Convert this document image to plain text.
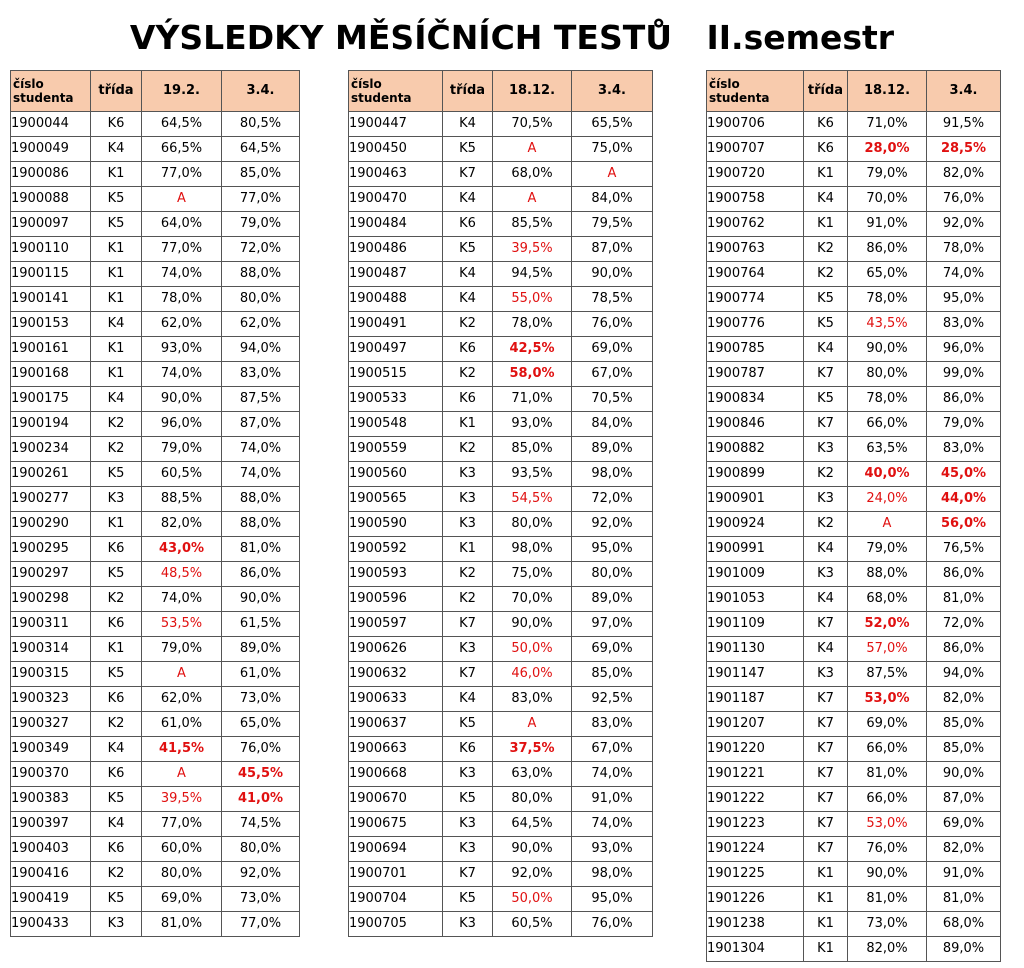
VÝSLEDKY MĚSÍČNÍCH TESTŮ   II.semestr
číslo
studenta	třída	19.2.	3.4.
1900044	K6	64,5%	80,5%
1900049	K4	66,5%	64,5%
1900086	K1	77,0%	85,0%
1900088	K5	A	77,0%
1900097	K5	64,0%	79,0%
1900110	K1	77,0%	72,0%
1900115	K1	74,0%	88,0%
1900141	K1	78,0%	80,0%
1900153	K4	62,0%	62,0%
1900161	K1	93,0%	94,0%
1900168	K1	74,0%	83,0%
1900175	K4	90,0%	87,5%
1900194	K2	96,0%	87,0%
1900234	K2	79,0%	74,0%
1900261	K5	60,5%	74,0%
1900277	K3	88,5%	88,0%
1900290	K1	82,0%	88,0%
1900295	K6	43,0%	81,0%
1900297	K5	48,5%	86,0%
1900298	K2	74,0%	90,0%
1900311	K6	53,5%	61,5%
1900314	K1	79,0%	89,0%
1900315	K5	A	61,0%
1900323	K6	62,0%	73,0%
1900327	K2	61,0%	65,0%
1900349	K4	41,5%	76,0%
1900370	K6	A	45,5%
1900383	K5	39,5%	41,0%
1900397	K4	77,0%	74,5%
1900403	K6	60,0%	80,0%
1900416	K2	80,0%	92,0%
1900419	K5	69,0%	73,0%
1900433	K3	81,0%	77,0%
číslo
studenta	třída	18.12.	3.4.
1900447	K4	70,5%	65,5%
1900450	K5	A	75,0%
1900463	K7	68,0%	A
1900470	K4	A	84,0%
1900484	K6	85,5%	79,5%
1900486	K5	39,5%	87,0%
1900487	K4	94,5%	90,0%
1900488	K4	55,0%	78,5%
1900491	K2	78,0%	76,0%
1900497	K6	42,5%	69,0%
1900515	K2	58,0%	67,0%
1900533	K6	71,0%	70,5%
1900548	K1	93,0%	84,0%
1900559	K2	85,0%	89,0%
1900560	K3	93,5%	98,0%
1900565	K3	54,5%	72,0%
1900590	K3	80,0%	92,0%
1900592	K1	98,0%	95,0%
1900593	K2	75,0%	80,0%
1900596	K2	70,0%	89,0%
1900597	K7	90,0%	97,0%
1900626	K3	50,0%	69,0%
1900632	K7	46,0%	85,0%
1900633	K4	83,0%	92,5%
1900637	K5	A	83,0%
1900663	K6	37,5%	67,0%
1900668	K3	63,0%	74,0%
1900670	K5	80,0%	91,0%
1900675	K3	64,5%	74,0%
1900694	K3	90,0%	93,0%
1900701	K7	92,0%	98,0%
1900704	K5	50,0%	95,0%
1900705	K3	60,5%	76,0%
číslo
studenta	třída	18.12.	3.4.
1900706	K6	71,0%	91,5%
1900707	K6	28,0%	28,5%
1900720	K1	79,0%	82,0%
1900758	K4	70,0%	76,0%
1900762	K1	91,0%	92,0%
1900763	K2	86,0%	78,0%
1900764	K2	65,0%	74,0%
1900774	K5	78,0%	95,0%
1900776	K5	43,5%	83,0%
1900785	K4	90,0%	96,0%
1900787	K7	80,0%	99,0%
1900834	K5	78,0%	86,0%
1900846	K7	66,0%	79,0%
1900882	K3	63,5%	83,0%
1900899	K2	40,0%	45,0%
1900901	K3	24,0%	44,0%
1900924	K2	A	56,0%
1900991	K4	79,0%	76,5%
1901009	K3	88,0%	86,0%
1901053	K4	68,0%	81,0%
1901109	K7	52,0%	72,0%
1901130	K4	57,0%	86,0%
1901147	K3	87,5%	94,0%
1901187	K7	53,0%	82,0%
1901207	K7	69,0%	85,0%
1901220	K7	66,0%	85,0%
1901221	K7	81,0%	90,0%
1901222	K7	66,0%	87,0%
1901223	K7	53,0%	69,0%
1901224	K7	76,0%	82,0%
1901225	K1	90,0%	91,0%
1901226	K1	81,0%	81,0%
1901238	K1	73,0%	68,0%
1901304	K1	82,0%	89,0%
